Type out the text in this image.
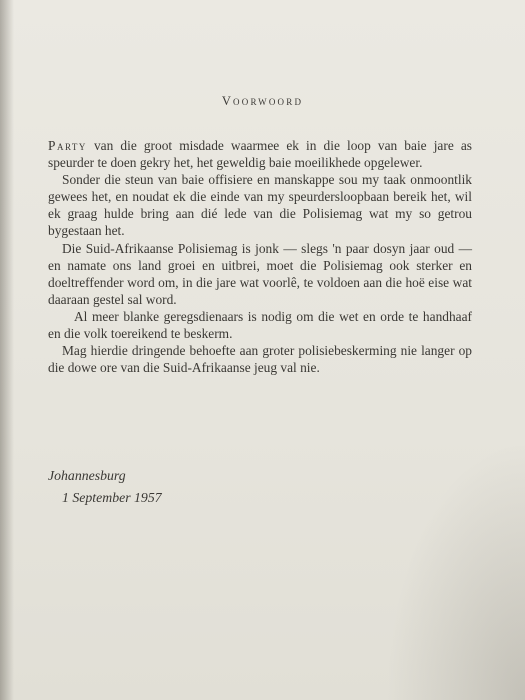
Voorwoord

Party van die groot misdade waarmee ek in die loop van baie jare as speurder te doen gekry het, het geweldig baie moeilikhede opgelewer.

Sonder die steun van baie offisiere en manskappe sou my taak onmoontlik gewees het, en noudat ek die einde van my speurdersloopbaan bereik het, wil ek graag hulde bring aan dié lede van die Polisiemag wat my so getrou bygestaan het.

Die Suid-Afrikaanse Polisiemag is jonk — slegs 'n paar dosyn jaar oud — en namate ons land groei en uitbrei, moet die Polisiemag ook sterker en doeltreffender word om, in die jare wat voorlê, te voldoen aan die hoë eise wat daaraan gestel sal word.

Al meer blanke geregsdienaars is nodig om die wet en orde te handhaaf en die volk toereikend te beskerm.

Mag hierdie dringende behoefte aan groter polisiebeskerming nie langer op die dowe ore van die Suid-Afrikaanse jeug val nie.

Johannesburg
1 September 1957
